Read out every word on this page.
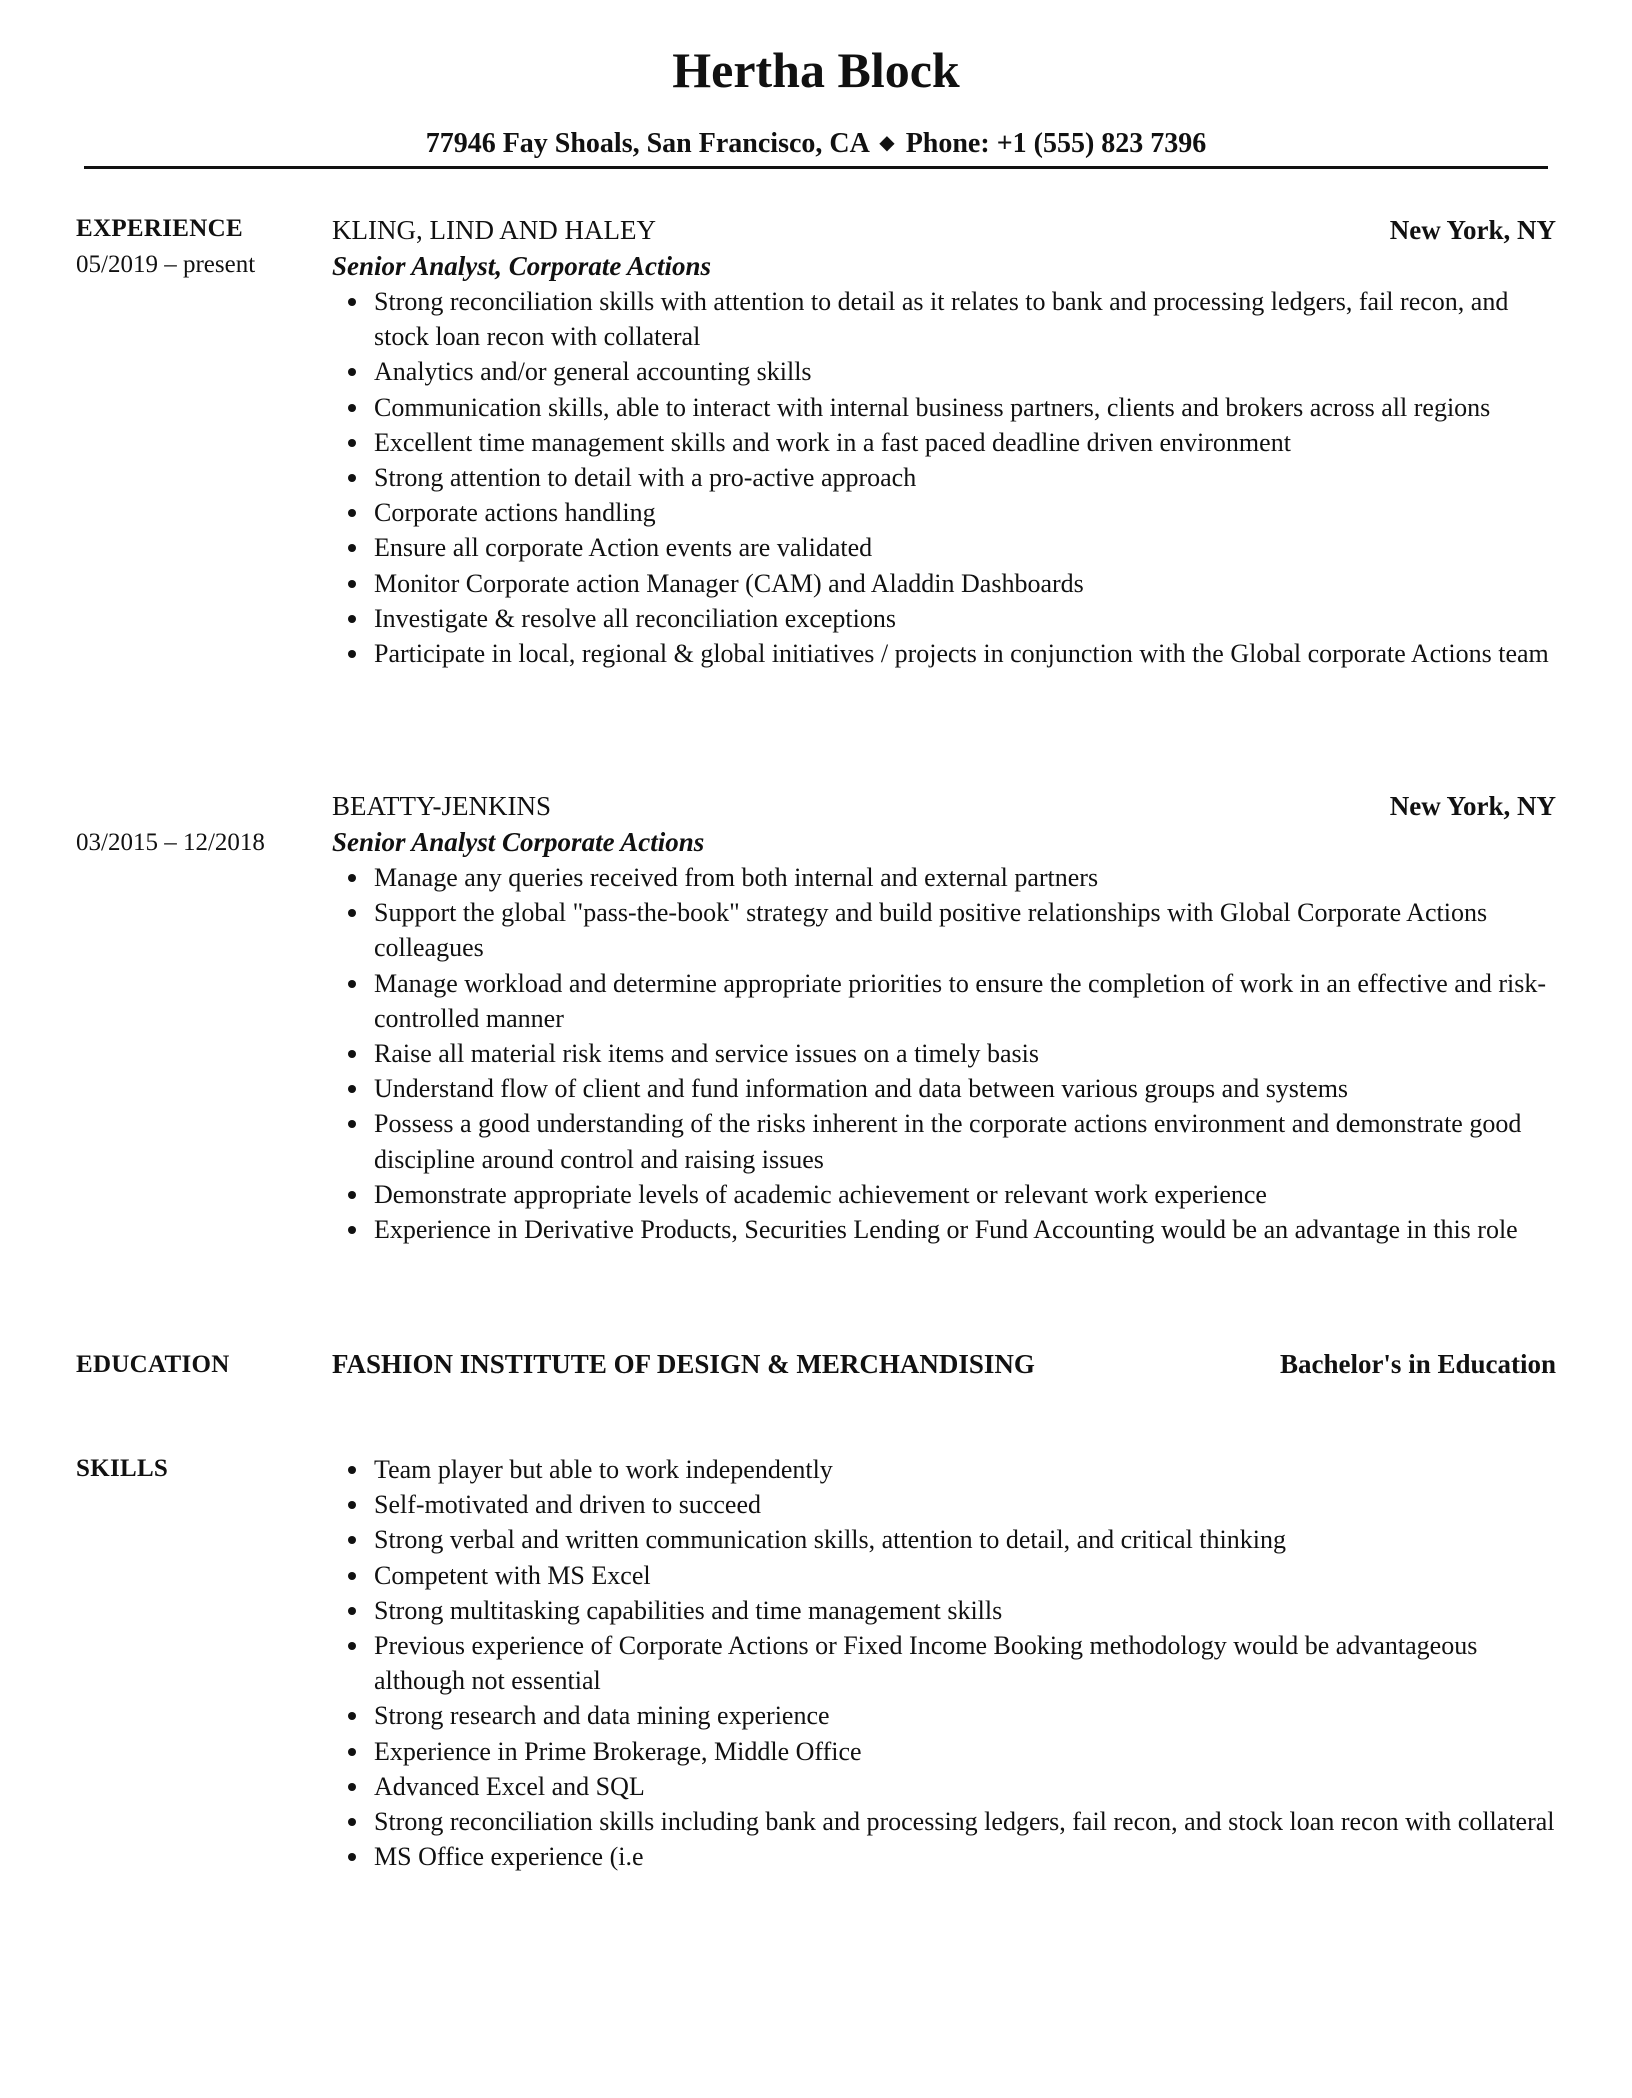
Hertha Block
77946 Fay Shoals, San Francisco, CA ◆ Phone: +1 (555) 823 7396
EXPERIENCE
05/2019 – present
KLING, LIND AND HALEY	New York, NY
Senior Analyst, Corporate Actions
Strong reconciliation skills with attention to detail as it relates to bank and processing ledgers, fail recon, and stock loan recon with collateral
Analytics and/or general accounting skills
Communication skills, able to interact with internal business partners, clients and brokers across all regions
Excellent time management skills and work in a fast paced deadline driven environment
Strong attention to detail with a pro-active approach
Corporate actions handling
Ensure all corporate Action events are validated
Monitor Corporate action Manager (CAM) and Aladdin Dashboards
Investigate & resolve all reconciliation exceptions
Participate in local, regional & global initiatives / projects in conjunction with the Global corporate Actions team
03/2015 – 12/2018
BEATTY-JENKINS	New York, NY
Senior Analyst Corporate Actions
Manage any queries received from both internal and external partners
Support the global "pass-the-book" strategy and build positive relationships with Global Corporate Actions colleagues
Manage workload and determine appropriate priorities to ensure the completion of work in an effective and risk-controlled manner
Raise all material risk items and service issues on a timely basis
Understand flow of client and fund information and data between various groups and systems
Possess a good understanding of the risks inherent in the corporate actions environment and demonstrate good discipline around control and raising issues
Demonstrate appropriate levels of academic achievement or relevant work experience
Experience in Derivative Products, Securities Lending or Fund Accounting would be an advantage in this role
EDUCATION	FASHION INSTITUTE OF DESIGN & MERCHANDISING	Bachelor's in Education
SKILLS	Team player but able to work independently
Self-motivated and driven to succeed
Strong verbal and written communication skills, attention to detail, and critical thinking
Competent with MS Excel
Strong multitasking capabilities and time management skills
Previous experience of Corporate Actions or Fixed Income Booking methodology would be advantageous although not essential
Strong research and data mining experience
Experience in Prime Brokerage, Middle Office
Advanced Excel and SQL
Strong reconciliation skills including bank and processing ledgers, fail recon, and stock loan recon with collateral
MS Office experience (i.e
